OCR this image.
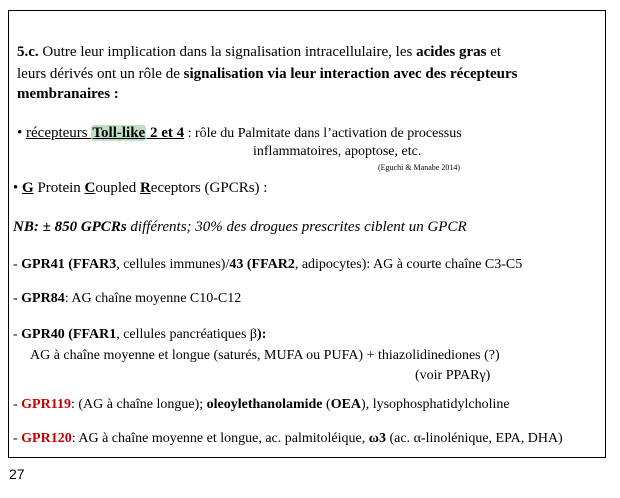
5.c. Outre leur implication dans la signalisation intracellulaire, les acides gras et
leurs dérivés ont un rôle de signalisation via leur interaction avec des récepteurs
membranaires :
• récepteurs Toll-like 2 et 4 : rôle du Palmitate dans l’activation de processus
inflammatoires, apoptose, etc.
(Eguchi & Manabe 2014)
• G Protein Coupled Receptors (GPCRs) :
NB: ± 850 GPCRs différents; 30% des drogues prescrites ciblent un GPCR
- GPR41 (FFAR3, cellules immunes)/43 (FFAR2, adipocytes): AG à courte chaîne C3-C5
- GPR84: AG chaîne moyenne C10-C12
- GPR40 (FFAR1, cellules pancréatiques β):
AG à chaîne moyenne et longue (saturés, MUFA ou PUFA) + thiazolidinediones (?)
(voir PPARγ)
- GPR119: (AG à chaîne longue); oleoylethanolamide (OEA), lysophosphatidylcholine
- GPR120: AG à chaîne moyenne et longue, ac. palmitoléique, ω3 (ac. α-linolénique, EPA, DHA)
27
